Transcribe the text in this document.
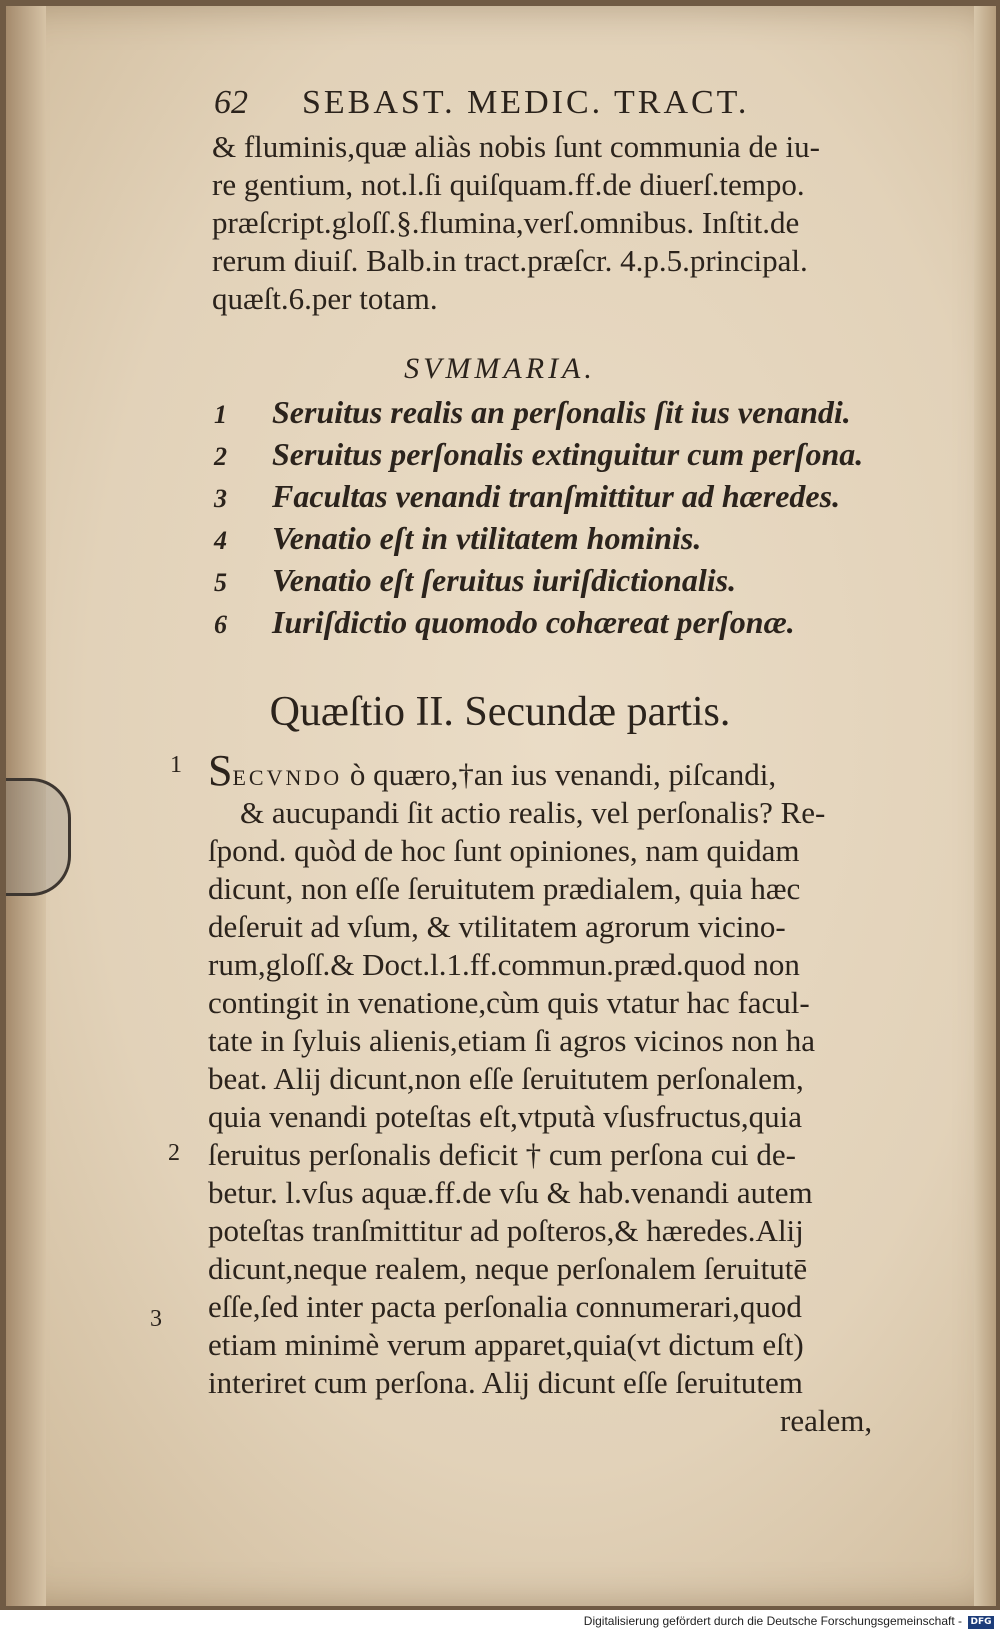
62 SEBAST. MEDIC. TRACT.
& fluminis,quæ aliàs nobis ſunt communia de iu-
re gentium, not.l.ſi quiſquam.ff.de diuerſ.tempo.
præſcript.gloſſ.§.flumina,verſ.omnibus. Inſtit.de
rerum diuiſ. Balb.in tract.præſcr. 4.p.5.principal.
quæſt.6.per totam.
SVMMARIA.
1 Seruitus realis an perſonalis ſit ius venandi.
2 Seruitus perſonalis extinguitur cum perſona.
3 Facultas venandi tranſmittitur ad hæredes.
4 Venatio eſt in vtilitatem hominis.
5 Venatio eſt ſeruitus iuriſdictionalis.
6 Iuriſdictio quomodo cohæreat perſonæ.
Quæſtio II. Secundæ partis.
1
2
3
SECVNDO ò quæro,†an ius venandi, piſcandi,
& aucupandi ſit actio realis, vel perſonalis? Re-
ſpond. quòd de hoc ſunt opiniones, nam quidam
dicunt, non eſſe ſeruitutem prædialem, quia hæc
deſeruit ad vſum, & vtilitatem agrorum vicino-
rum,gloſſ.& Doct.l.1.ff.commun.præd.quod non
contingit in venatione,cùm quis vtatur hac facul-
tate in ſyluis alienis,etiam ſi agros vicinos non ha
beat. Alij dicunt,non eſſe ſeruitutem perſonalem,
quia venandi poteſtas eſt,vtputà vſusfructus,quia
ſeruitus perſonalis deficit † cum perſona cui de-
betur. l.vſus aquæ.ff.de vſu & hab.venandi autem
poteſtas tranſmittitur ad poſteros,& hæredes.Alij
dicunt,neque realem, neque perſonalem ſeruitutē
eſſe,ſed inter pacta perſonalia connumerari,quod
etiam minimè verum apparet,quia(vt dictum eſt)
interiret cum perſona. Alij dicunt eſſe ſeruitutem
realem,
Digitalisierung gefördert durch die Deutsche Forschungsgemeinschaft - DFG
